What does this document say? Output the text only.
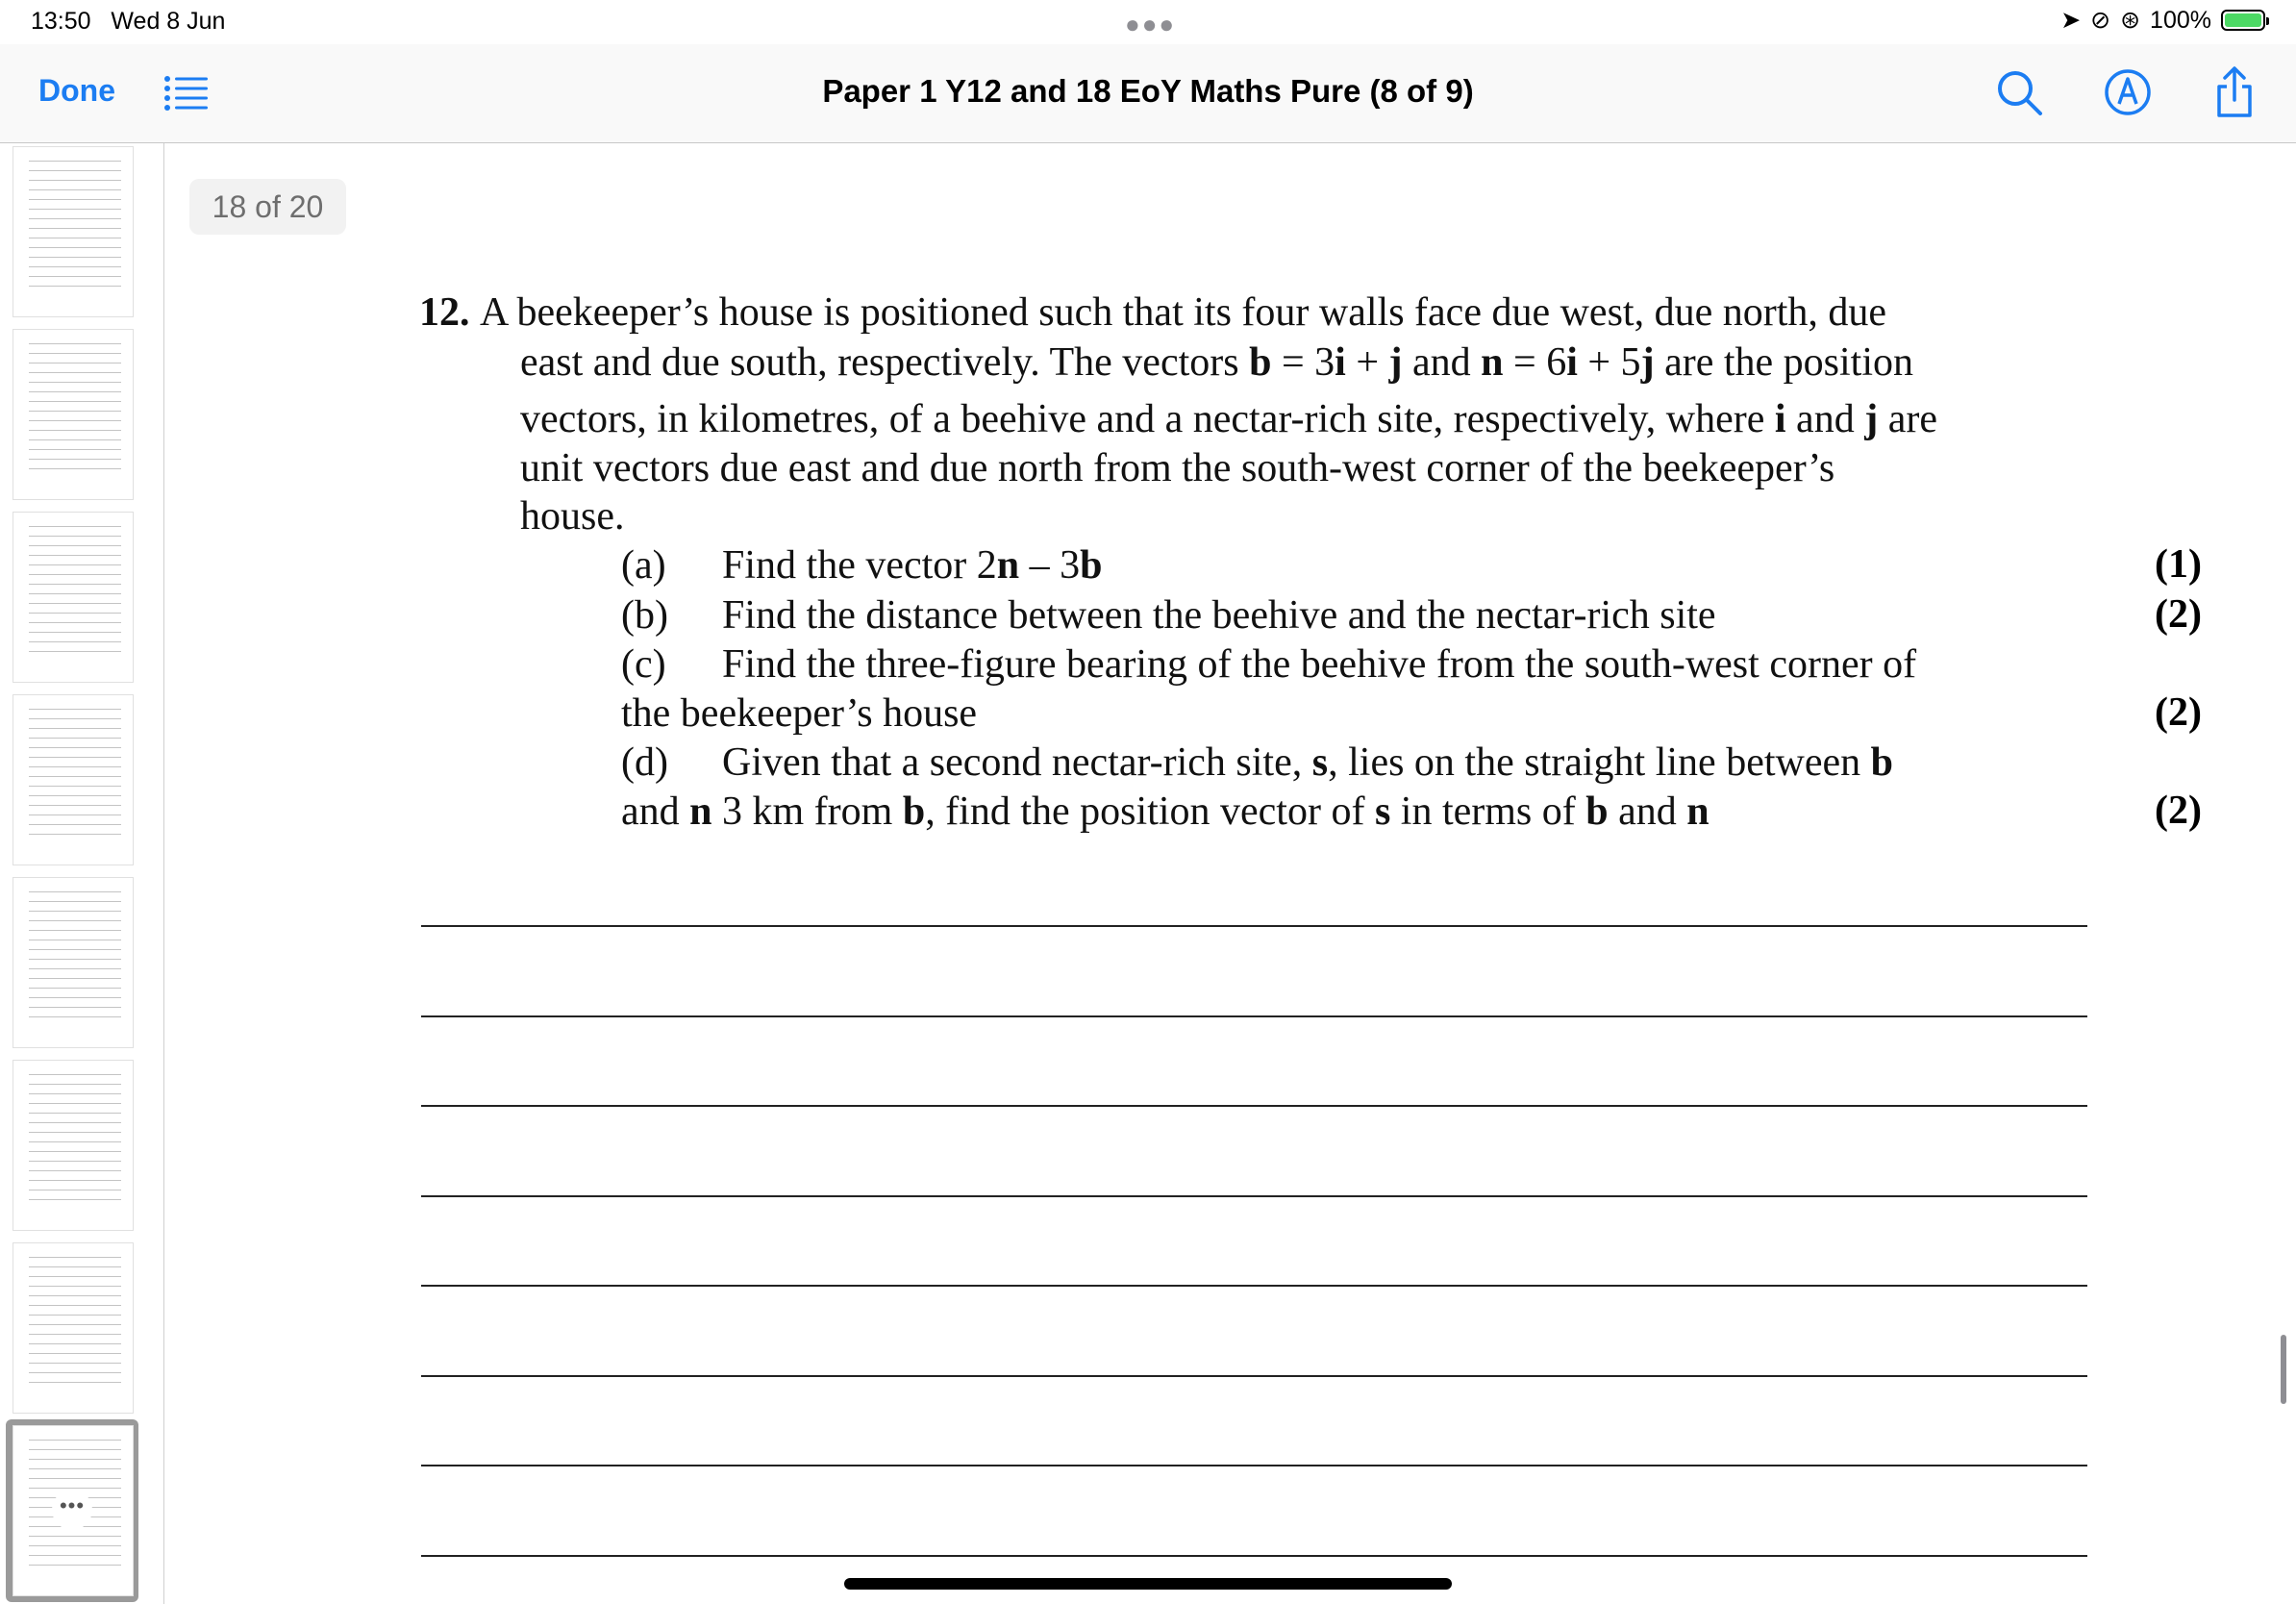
13:50 Wed 8 Jun	●●●	➤ ⊘ ⊛ 100%
Done	Paper 1 Y12 and 18 EoY Maths Pure (8 of 9)
•••
18 of 20
12. A beekeeper’s house is positioned such that its four walls face due west, due north, due
east and due south, respectively. The vectors b = 3i + j and n = 6i + 5j are the position
vectors, in kilometres, of a beehive and a nectar-rich site, respectively, where i and j are
unit vectors due east and due north from the south-west corner of the beekeeper’s
house.
(a) Find the vector 2n – 3b	(1)
(b) Find the distance between the beehive and the nectar-rich site	(2)
(c) Find the three-figure bearing of the beehive from the south-west corner of
the beekeeper’s house	(2)
(d) Given that a second nectar-rich site, s, lies on the straight line between b
and n 3 km from b, find the position vector of s in terms of b and n	(2)
